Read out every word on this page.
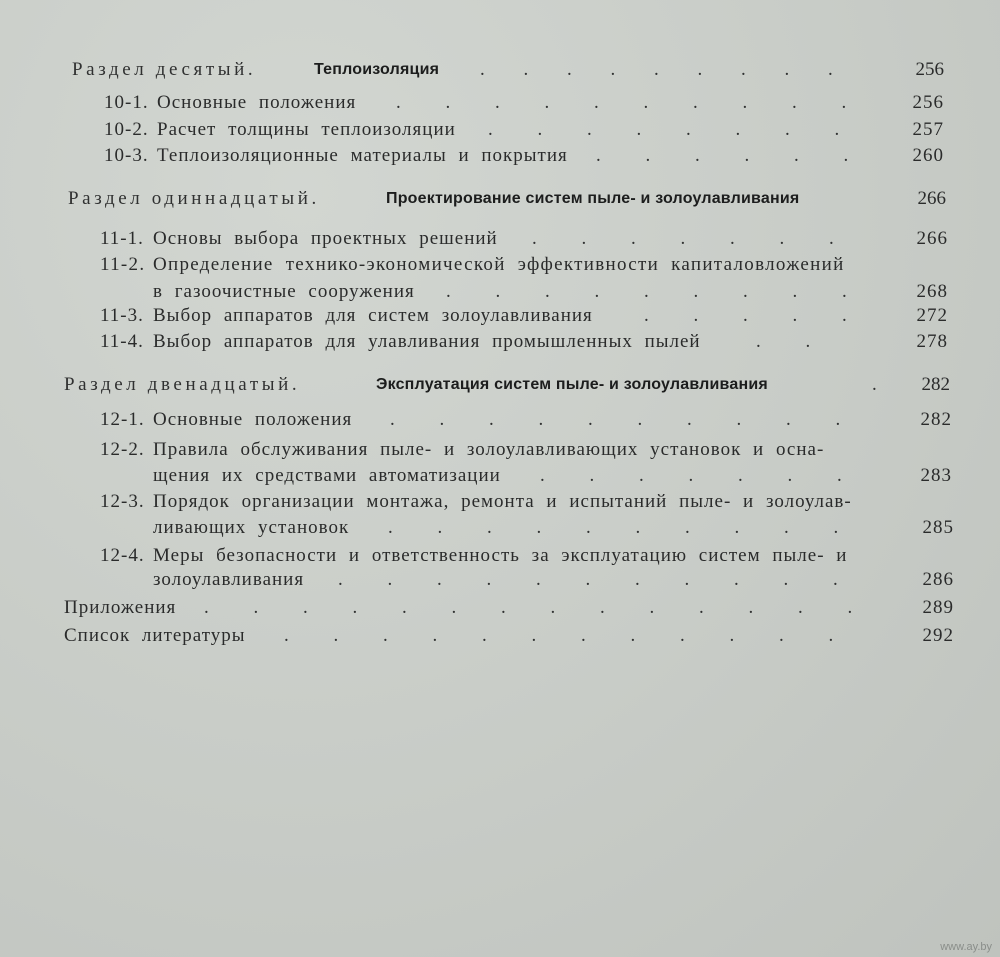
Раздел десятый.	Теплоизоляция . . . . . . . . .	256
10-1. Основные положения . . . . . . . . . .	256
10-2. Расчет толщины теплоизоляции . . . . . . . .	257
10-3. Теплоизоляционные материалы и покрытия . . . . . .	260
Раздел одиннадцатый.	Проектирование систем пыле- и золоулавливания	266
11-1. Основы выбора проектных решений . . . . . . .	266
11-2. Определение технико-экономической эффективности капиталовложений
в газоочистные сооружения . . . . . . . . .	268
11-3. Выбор аппаратов для систем золоулавливания	. . . . .	272
11-4. Выбор аппаратов для улавливания промышленных пылей	. .	278
Раздел двенадцатый.	Эксплуатация систем пыле- и золоулавливания	.	282
12-1. Основные положения . . . . . . . . . .	282
12-2. Правила обслуживания пыле- и золоулавливающих установок и осна-
щения их средствами автоматизации . . . . . . .	283
12-3. Порядок организации монтажа, ремонта и испытаний пыле- и золоулав-
ливающих установок . . . . . . . . . .	285
12-4. Меры безопасности и ответственность за эксплуатацию систем пыле- и
золоулавливания . . . . . . . . . . .	286
Приложения . . . . . . . . . . . . . .	289
Список литературы . . . . . . . . . . . .	292
www.ay.by
